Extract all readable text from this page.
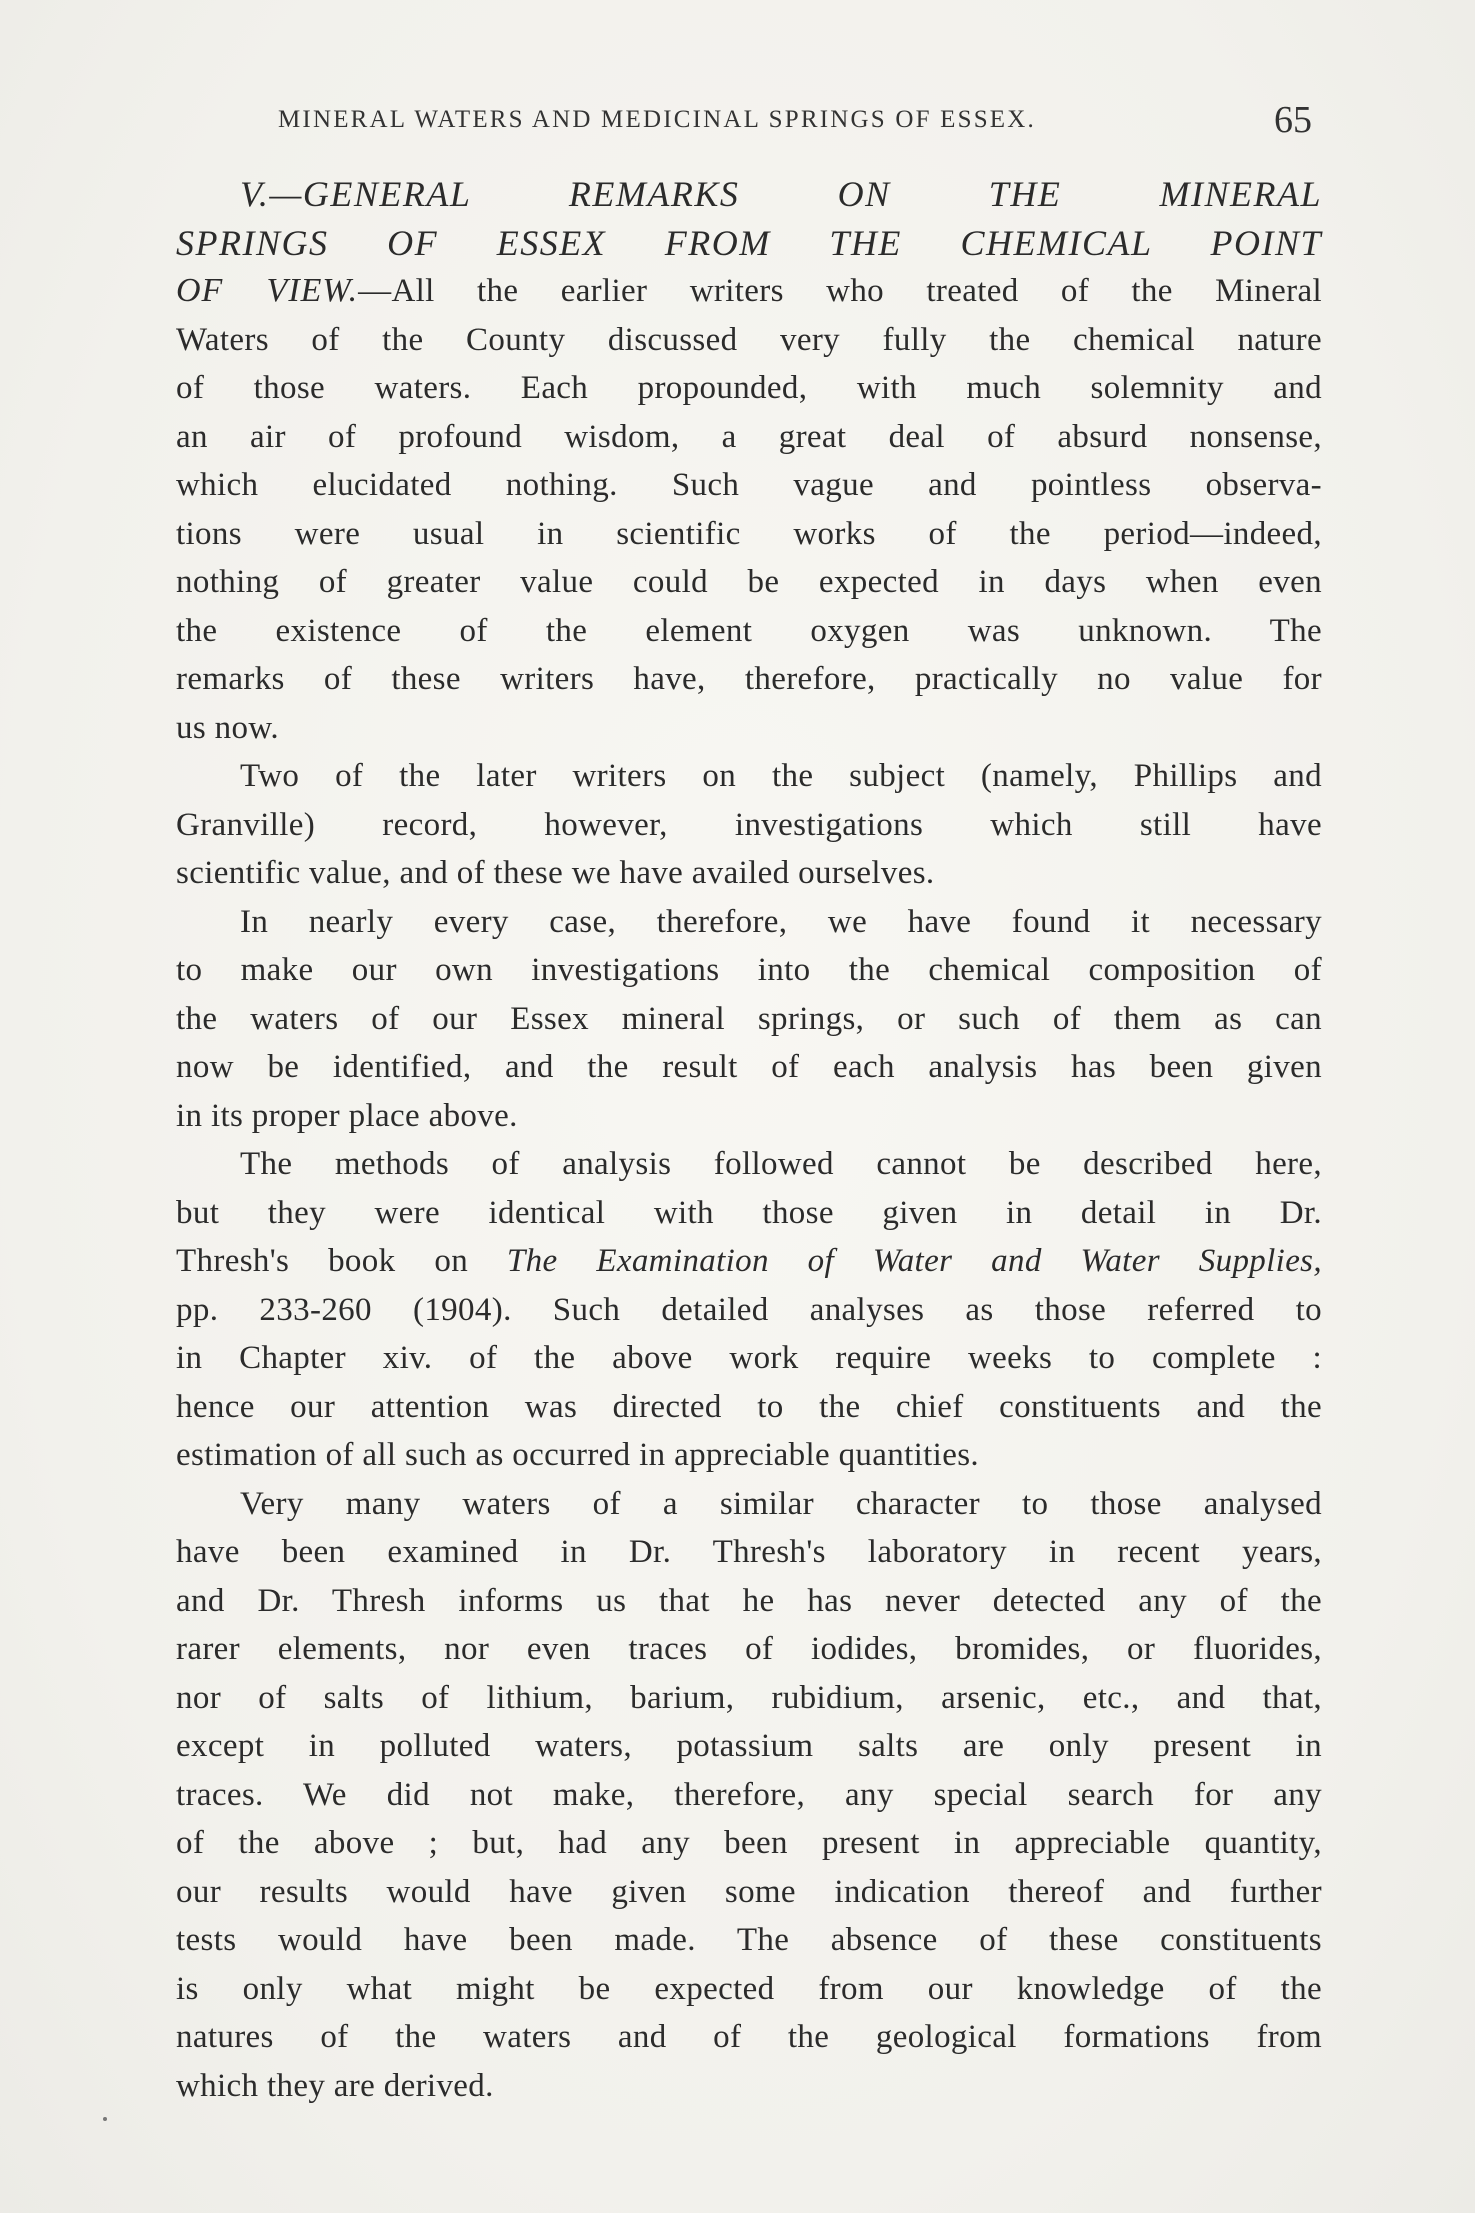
MINERAL WATERS AND MEDICINAL SPRINGS OF ESSEX.	65
V.—GENERAL REMARKS ON THE MINERAL
SPRINGS OF ESSEX FROM THE CHEMICAL POINT
OF VIEW.—All the earlier writers who treated of the Mineral
Waters of the County discussed very fully the chemical nature
of those waters. Each propounded, with much solemnity and
an air of profound wisdom, a great deal of absurd nonsense,
which elucidated nothing. Such vague and pointless observa-
tions were usual in scientific works of the period—indeed,
nothing of greater value could be expected in days when even
the existence of the element oxygen was unknown. The
remarks of these writers have, therefore, practically no value for
us now.
Two of the later writers on the subject (namely, Phillips and
Granville) record, however, investigations which still have
scientific value, and of these we have availed ourselves.
In nearly every case, therefore, we have found it necessary
to make our own investigations into the chemical composition of
the waters of our Essex mineral springs, or such of them as can
now be identified, and the result of each analysis has been given
in its proper place above.
The methods of analysis followed cannot be described here,
but they were identical with those given in detail in Dr.
Thresh's book on The Examination of Water and Water Supplies,
pp. 233-260 (1904). Such detailed analyses as those referred to
in Chapter xiv. of the above work require weeks to complete :
hence our attention was directed to the chief constituents and the
estimation of all such as occurred in appreciable quantities.
Very many waters of a similar character to those analysed
have been examined in Dr. Thresh's laboratory in recent years,
and Dr. Thresh informs us that he has never detected any of the
rarer elements, nor even traces of iodides, bromides, or fluorides,
nor of salts of lithium, barium, rubidium, arsenic, etc., and that,
except in polluted waters, potassium salts are only present in
traces. We did not make, therefore, any special search for any
of the above ; but, had any been present in appreciable quantity,
our results would have given some indication thereof and further
tests would have been made. The absence of these constituents
is only what might be expected from our knowledge of the
natures of the waters and of the geological formations from
which they are derived.
